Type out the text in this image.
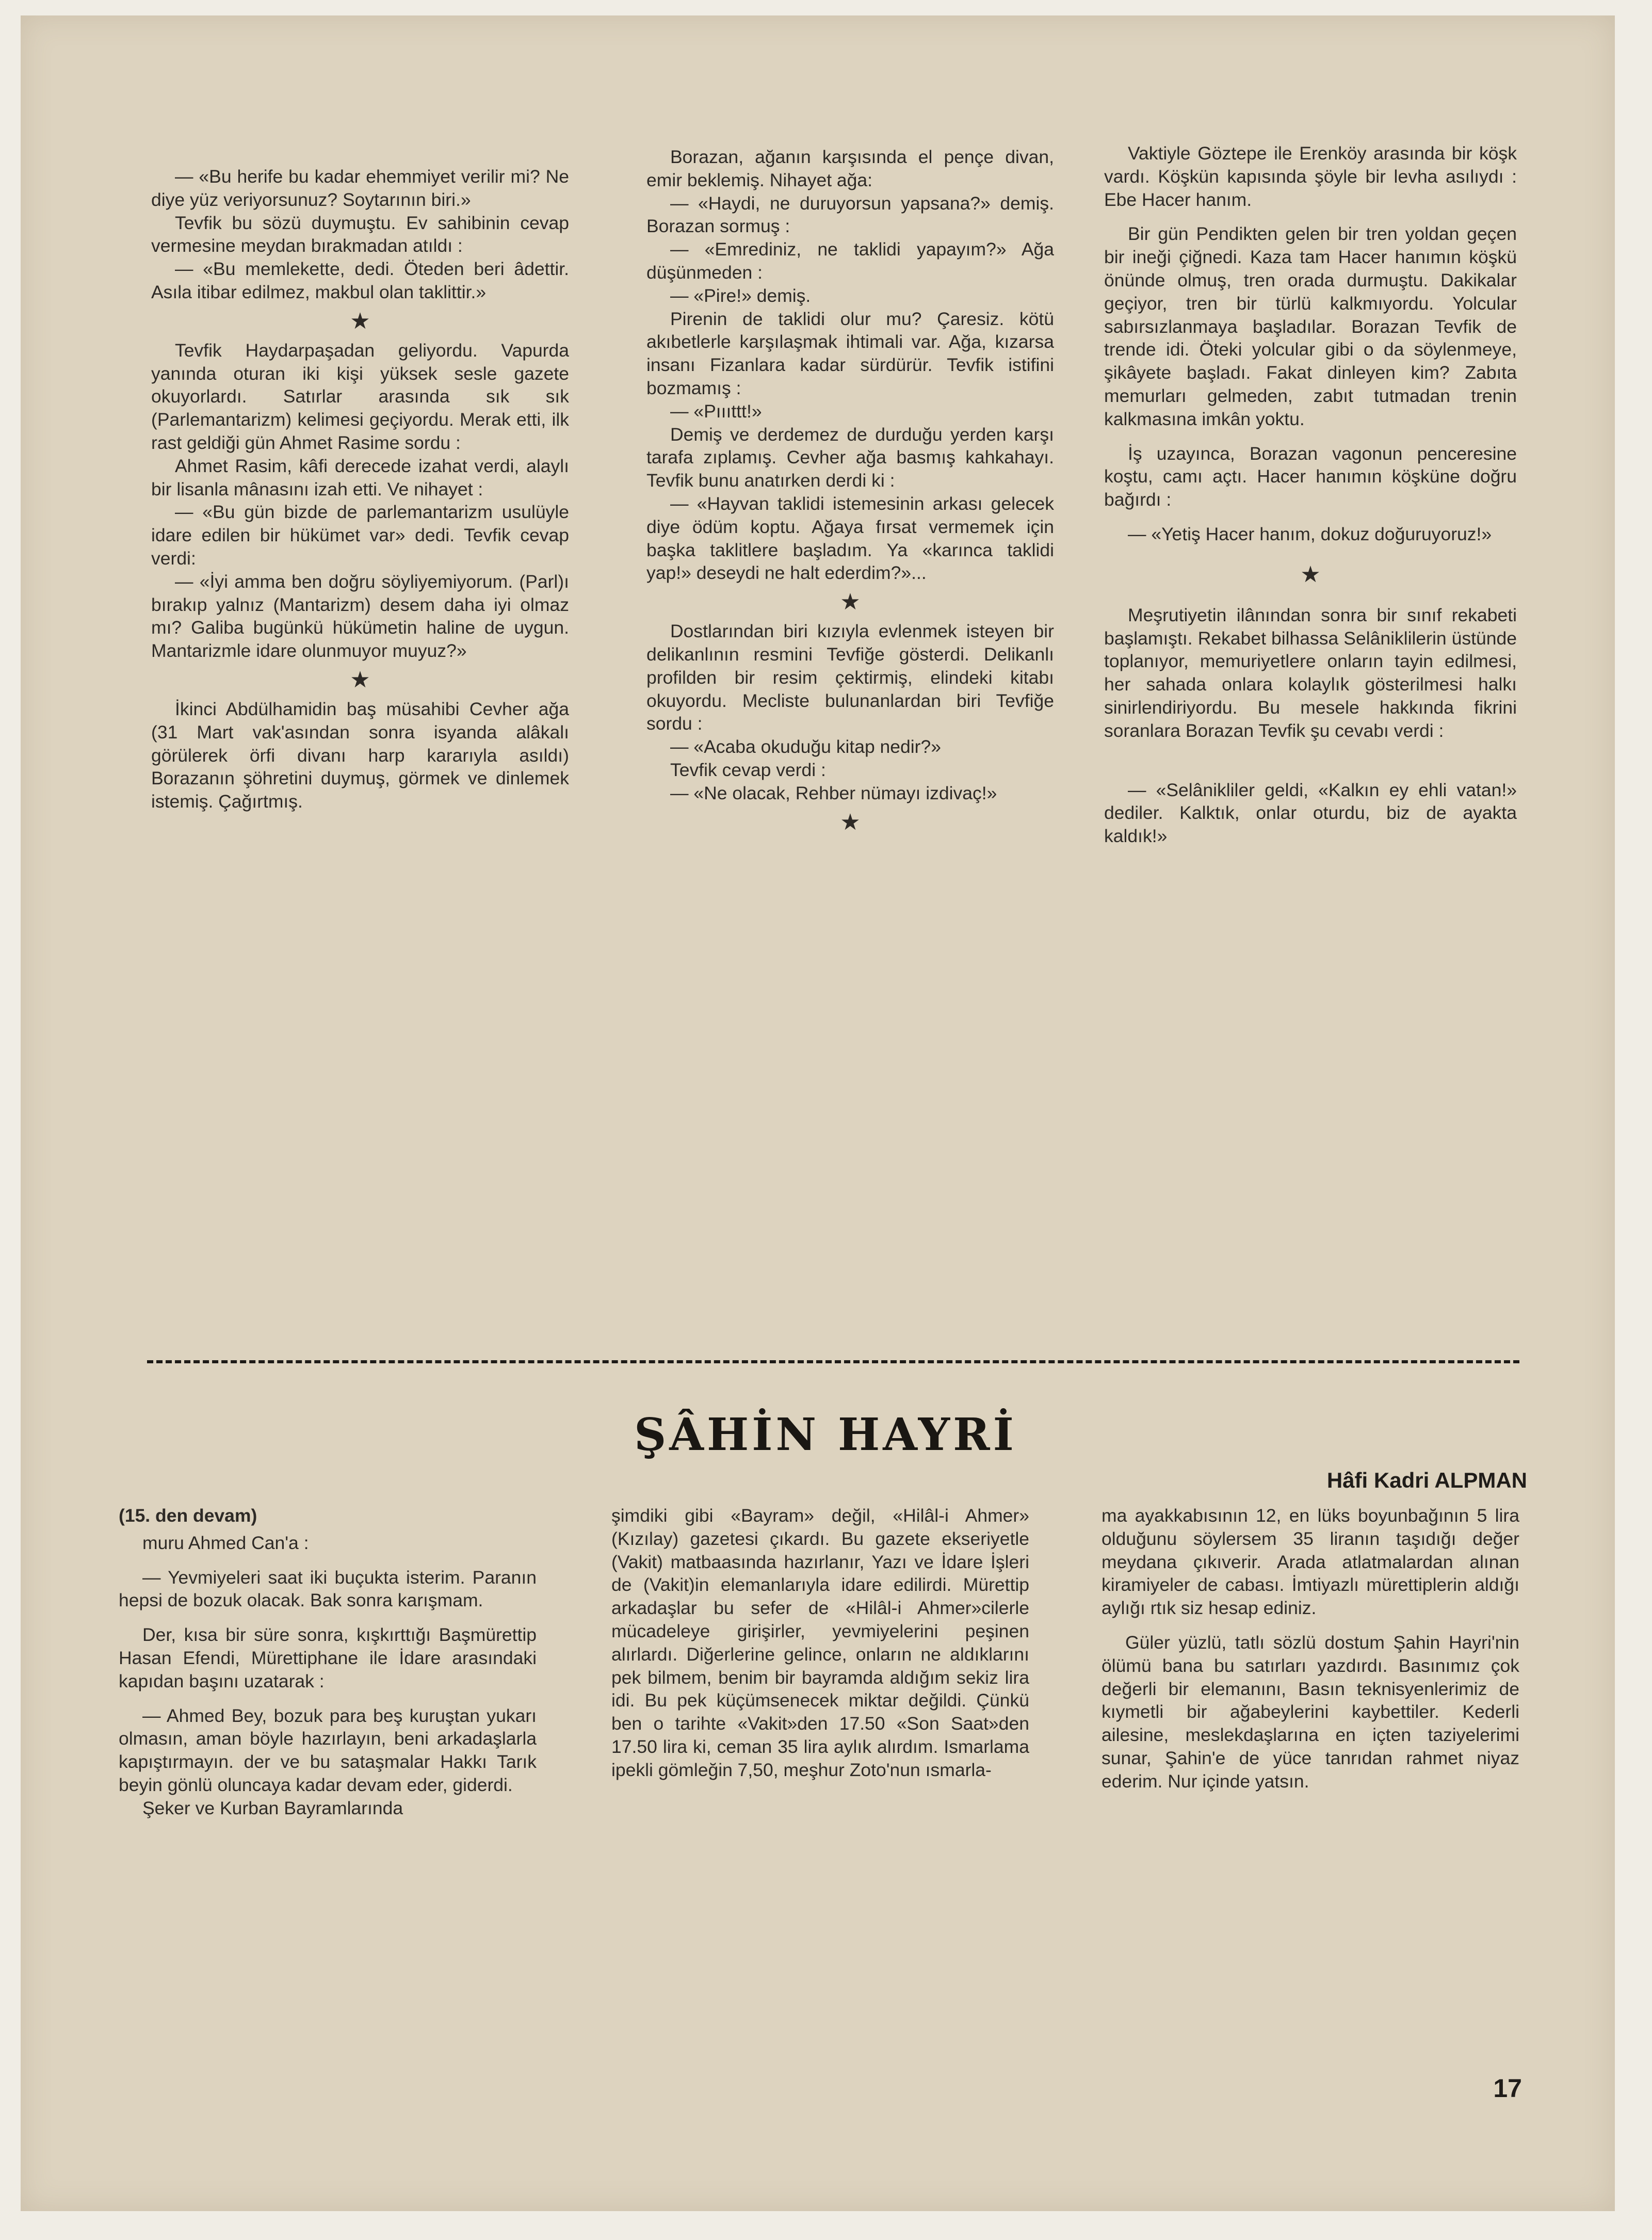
— «Bu herife bu kadar ehemmiyet verilir mi? Ne diye yüz veriyorsunuz? Soytarının biri.»

Tevfik bu sözü duymuştu. Ev sahibinin cevap vermesine meydan bırakmadan atıldı :

— «Bu memlekette, dedi. Öteden beri âdettir. Asıla itibar edilmez, makbul olan taklittir.»

★

Tevfik Haydarpaşadan geliyordu. Vapurda yanında oturan iki kişi yüksek sesle gazete okuyorlardı. Satırlar arasında sık sık (Parlemantarizm) kelimesi geçiyordu. Merak etti, ilk rast geldiği gün Ahmet Rasime sordu :

Ahmet Rasim, kâfi derecede izahat verdi, alaylı bir lisanla mânasını izah etti. Ve nihayet :

— «Bu gün bizde de parlemantarizm usulüyle idare edilen bir hükümet var» dedi. Tevfik cevap verdi:

— «İyi amma ben doğru söyliyemiyorum. (Parl)ı bırakıp yalnız (Mantarizm) desem daha iyi olmaz mı? Galiba bugünkü hükümetin haline de uygun. Mantarizmle idare olunmuyor muyuz?»

★

İkinci Abdülhamidin baş müsahibi Cevher ağa (31 Mart vak'asından sonra isyanda alâkalı görülerek örfi divanı harp kararıyla asıldı) Borazanın şöhretini duymuş, görmek ve dinlemek istemiş. Çağırtmış.

Borazan, ağanın karşısında el pençe divan, emir beklemiş. Nihayet ağa:

— «Haydi, ne duruyorsun yapsana?» demiş. Borazan sormuş :

— «Emrediniz, ne taklidi yapayım?» Ağa düşünmeden :

— «Pire!» demiş.

Pirenin de taklidi olur mu? Çaresiz. kötü akıbetlerle karşılaşmak ihtimali var. Ağa, kızarsa insanı Fizanlara kadar sürdürür. Tevfik istifini bozmamış :

— «Pıııttt!»

Demiş ve derdemez de durduğu yerden karşı tarafa zıplamış. Cevher ağa basmış kahkahayı. Tevfik bunu anatırken derdi ki :

— «Hayvan taklidi istemesinin arkası gelecek diye ödüm koptu. Ağaya fırsat vermemek için başka taklitlere başladım. Ya «karınca taklidi yap!» deseydi ne halt ederdim?»...

★

Dostlarından biri kızıyla evlenmek isteyen bir delikanlının resmini Tevfiğe gösterdi. Delikanlı profilden bir resim çektirmiş, elindeki kitabı okuyordu. Mecliste bulunanlardan biri Tevfiğe sordu :

— «Acaba okuduğu kitap nedir?»

Tevfik cevap verdi :

— «Ne olacak, Rehber nümayı izdivaç!»

★

Vaktiyle Göztepe ile Erenköy arasında bir köşk vardı. Köşkün kapısında şöyle bir levha asılıydı : Ebe Hacer hanım.

Bir gün Pendikten gelen bir tren yoldan geçen bir ineği çiğnedi. Kaza tam Hacer hanımın köşkü önünde olmuş, tren orada durmuştu. Dakikalar geçiyor, tren bir türlü kalkmıyordu. Yolcular sabırsızlanmaya başladılar. Borazan Tevfik de trende idi. Öteki yolcular gibi o da söylenmeye, şikâyete başladı. Fakat dinleyen kim? Zabıta memurları gelmeden, zabıt tutmadan trenin kalkmasına imkân yoktu.

İş uzayınca, Borazan vagonun penceresine koştu, camı açtı. Hacer hanımın köşküne doğru bağırdı :

— «Yetiş Hacer hanım, dokuz doğuruyoruz!»

★

Meşrutiyetin ilânından sonra bir sınıf rekabeti başlamıştı. Rekabet bilhassa Selâniklilerin üstünde toplanıyor, memuriyetlere onların tayin edilmesi, her sahada onlara kolaylık gösterilmesi halkı sinirlendiriyordu. Bu mesele hakkında fikrini soranlara Borazan Tevfik şu cevabı verdi :

— «Selânikliler geldi, «Kalkın ey ehli vatan!» dediler. Kalktık, onlar oturdu, biz de ayakta kaldık!»

ŞÂHİN HAYRİ
Hâfi Kadri ALPMAN

(15. den devam)

muru Ahmed Can'a :

— Yevmiyeleri saat iki buçukta isterim. Paranın hepsi de bozuk olacak. Bak sonra karışmam.

Der, kısa bir süre sonra, kışkırttığı Başmürettip Hasan Efendi, Mürettiphane ile İdare arasındaki kapıdan başını uzatarak :

— Ahmed Bey, bozuk para beş kuruştan yukarı olmasın, aman böyle hazırlayın, beni arkadaşlarla kapıştırmayın. der ve bu sataşmalar Hakkı Tarık beyin gönlü oluncaya kadar devam eder, giderdi.

Şeker ve Kurban Bayramlarında

şimdiki gibi «Bayram» değil, «Hilâl-i Ahmer» (Kızılay) gazetesi çıkardı. Bu gazete ekseriyetle (Vakit) matbaasında hazırlanır, Yazı ve İdare İşleri de (Vakit)in elemanlarıyla idare edilirdi. Mürettip arkadaşlar bu sefer de «Hilâl-i Ahmer»cilerle mücadeleye girişirler, yevmiyelerini peşinen alırlardı. Diğerlerine gelince, onların ne aldıklarını pek bilmem, benim bir bayramda aldığım sekiz lira idi. Bu pek küçümsenecek miktar değildi. Çünkü ben o tarihte «Vakit»den 17.50 «Son Saat»den 17.50 lira ki, ceman 35 lira aylık alırdım. Ismarlama ipekli gömleğin 7,50, meşhur Zoto'nun ısmarla-

ma ayakkabısının 12, en lüks boyunbağının 5 lira olduğunu söylersem 35 liranın taşıdığı değer meydana çıkıverir. Arada atlatmalardan alınan kiramiyeler de cabası. İmtiyazlı mürettiplerin aldığı aylığı rtık siz hesap ediniz.

Güler yüzlü, tatlı sözlü dostum Şahin Hayri'nin ölümü bana bu satırları yazdırdı. Basınımız çok değerli bir elemanını, Basın teknisyenlerimiz de kıymetli bir ağabeylerini kaybettiler. Kederli ailesine, meslekdaşlarına en içten taziyelerimi sunar, Şahin'e de yüce tanrıdan rahmet niyaz ederim. Nur içinde yatsın.

17
